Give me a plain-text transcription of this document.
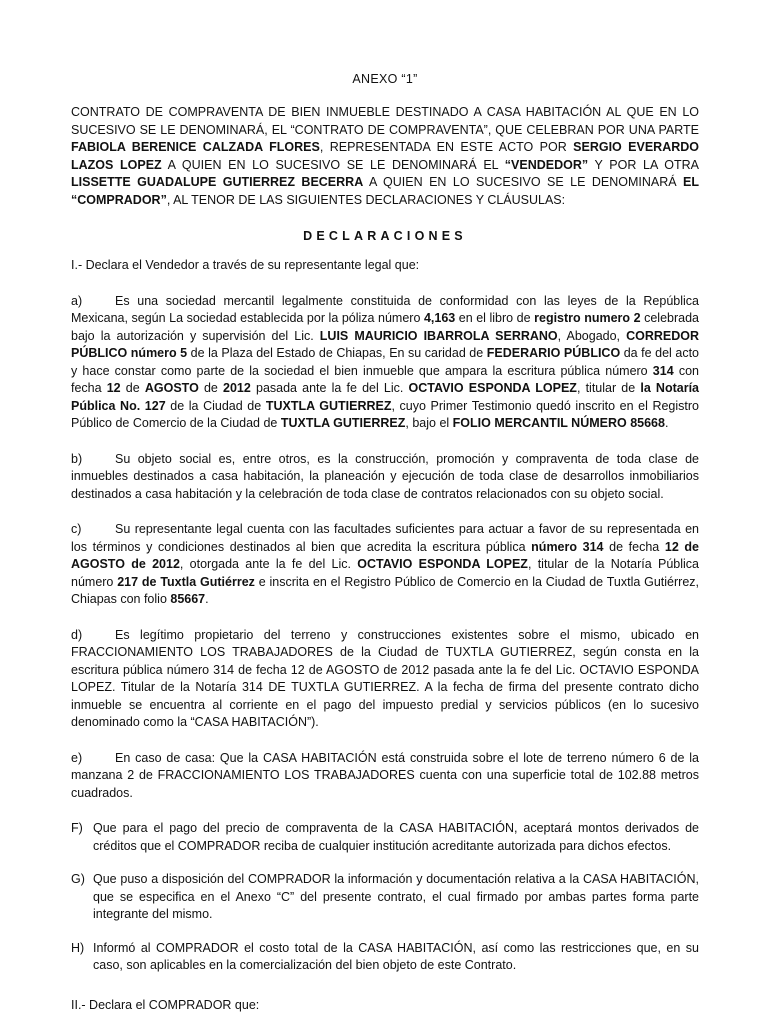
ANEXO “1”

CONTRATO DE COMPRAVENTA DE BIEN INMUEBLE DESTINADO A CASA HABITACIÓN AL QUE EN LO SUCESIVO SE LE DENOMINARÁ, EL “CONTRATO DE COMPRAVENTA”, QUE CELEBRAN POR UNA PARTE FABIOLA BERENICE CALZADA FLORES, REPRESENTADA EN ESTE ACTO POR SERGIO EVERARDO LAZOS LOPEZ A QUIEN EN LO SUCESIVO SE LE DENOMINARÁ EL “VENDEDOR” Y POR LA OTRA LISSETTE GUADALUPE GUTIERREZ BECERRA A QUIEN EN LO SUCESIVO SE LE DENOMINARÁ EL “COMPRADOR”, AL TENOR DE LAS SIGUIENTES DECLARACIONES Y CLÁUSULAS:

DECLARACIONES

I.- Declara el Vendedor a través de su representante legal que:

a)	Es una sociedad mercantil legalmente constituida de conformidad con las leyes de la República Mexicana, según La sociedad establecida por la póliza número 4,163 en el libro de registro numero 2 celebrada bajo la autorización y supervisión del Lic. LUIS MAURICIO IBARROLA SERRANO, Abogado, CORREDOR PÚBLICO número 5 de la Plaza del Estado de Chiapas, En su caridad de FEDERARIO PÚBLICO da fe del acto y hace constar como parte de la sociedad el bien inmueble que ampara la escritura pública número 314 con fecha 12 de AGOSTO de 2012 pasada ante la fe del Lic. OCTAVIO ESPONDA LOPEZ, titular de la Notaría Pública No. 127 de la Ciudad de TUXTLA GUTIERREZ, cuyo Primer Testimonio quedó inscrito en el Registro Público de Comercio de la Ciudad de TUXTLA GUTIERREZ, bajo el FOLIO MERCANTIL NÚMERO 85668.

b)	Su objeto social es, entre otros, es la construcción, promoción y compraventa de toda clase de inmuebles destinados a casa habitación, la planeación y ejecución de toda clase de desarrollos inmobiliarios destinados a casa habitación y la celebración de toda clase de contratos relacionados con su objeto social.

c)	Su representante legal cuenta con las facultades suficientes para actuar a favor de su representada en los términos y condiciones destinados al bien que acredita la escritura pública número 314 de fecha 12 de AGOSTO de 2012, otorgada ante la fe del Lic. OCTAVIO ESPONDA LOPEZ, titular de la Notaría Pública número 217 de Tuxtla Gutiérrez e inscrita en el Registro Público de Comercio en la Ciudad de Tuxtla Gutiérrez, Chiapas con folio 85667.

d)	Es legítimo propietario del terreno y construcciones existentes sobre el mismo, ubicado en FRACCIONAMIENTO LOS TRABAJADORES de la Ciudad de TUXTLA GUTIERREZ, según consta en la escritura pública número 314 de fecha 12 de AGOSTO de 2012 pasada ante la fe del Lic. OCTAVIO ESPONDA LOPEZ. Titular de la Notaría 314 DE TUXTLA GUTIERREZ. A la fecha de firma del presente contrato dicho inmueble se encuentra al corriente en el pago del impuesto predial y servicios públicos (en lo sucesivo denominado como la “CASA HABITACIÓN”).

e)	En caso de casa: Que la CASA HABITACIÓN está construida sobre el lote de terreno número 6 de la manzana 2 de FRACCIONAMIENTO LOS TRABAJADORES cuenta con una superficie total de 102.88 metros cuadrados.

F) Que para el pago del precio de compraventa de la CASA HABITACIÓN, aceptará montos derivados de créditos que el COMPRADOR reciba de cualquier institución acreditante autorizada para dichos efectos.
G) Que puso a disposición del COMPRADOR la información y documentación relativa a la CASA HABITACIÓN, que se especifica en el Anexo “C” del presente contrato, el cual firmado por ambas partes forma parte integrante del mismo.
H) Informó al COMPRADOR el costo total de la CASA HABITACIÓN, así como las restricciones que, en su caso, son aplicables en la comercialización del bien objeto de este Contrato.

II.- Declara el COMPRADOR que:
